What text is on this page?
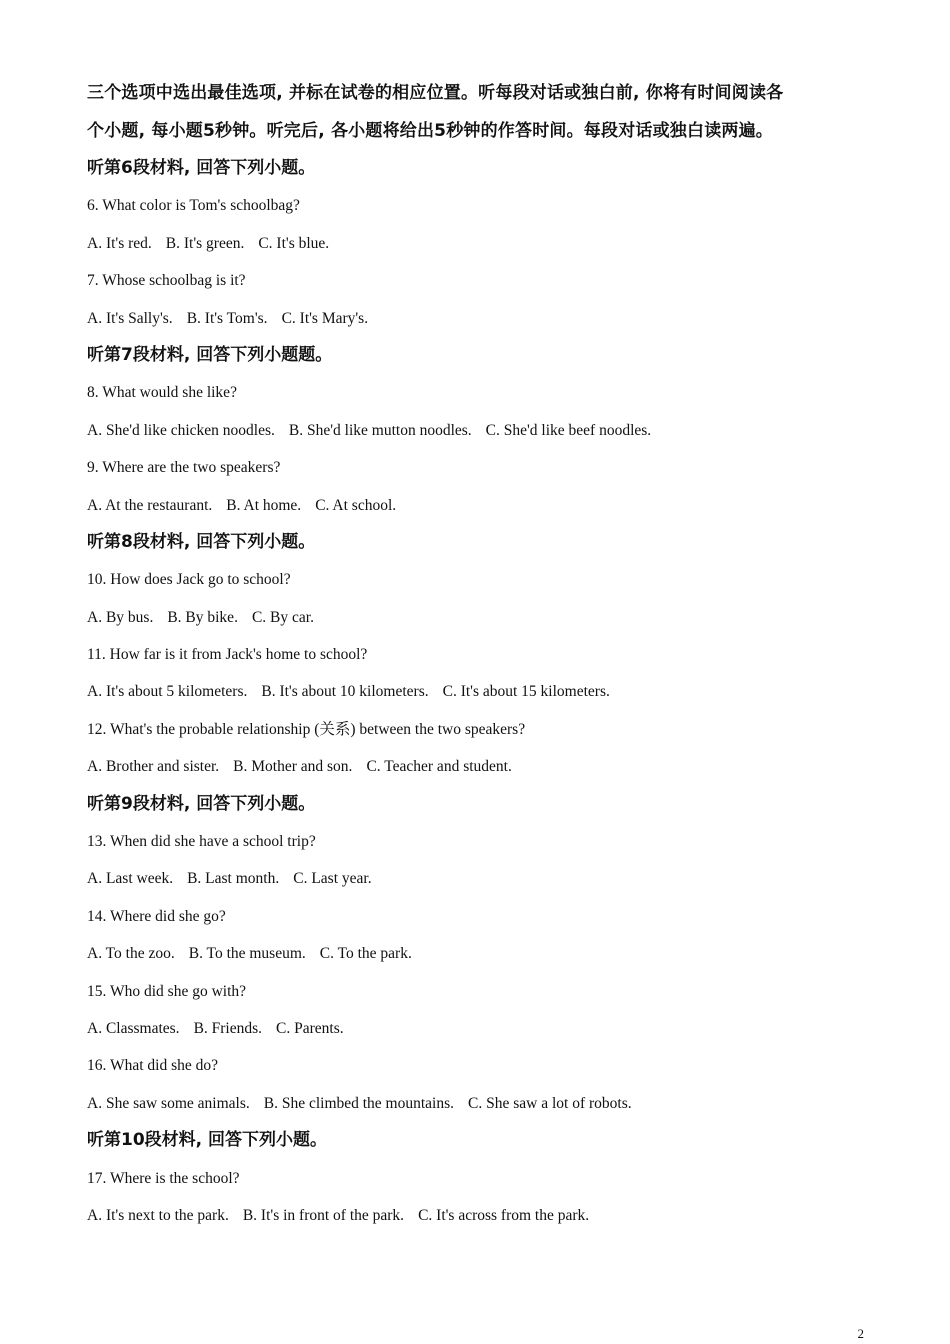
三个选项中选出最佳选项, 并标在试卷的相应位置。听每段对话或独白前, 你将有时间阅读各
个小题, 每小题5秒钟。听完后, 各小题将给出5秒钟的作答时间。每段对话或独白读两遍。
听第6段材料, 回答下列小题。
6. What color is Tom's schoolbag?
A. It's red. B. It's green. C. It's blue.
7. Whose schoolbag is it?
A. It's Sally's. B. It's Tom's. C. It's Mary's.
听第7段材料, 回答下列小题题。
8. What would she like?
A. She'd like chicken noodles. B. She'd like mutton noodles. C. She'd like beef noodles.
9. Where are the two speakers?
A. At the restaurant. B. At home. C. At school.
听第8段材料, 回答下列小题。
10. How does Jack go to school?
A. By bus. B. By bike. C. By car.
11. How far is it from Jack's home to school?
A. It's about 5 kilometers. B. It's about 10 kilometers. C. It's about 15 kilometers.
12. What's the probable relationship (关系) between the two speakers?
A. Brother and sister. B. Mother and son. C. Teacher and student.
听第9段材料, 回答下列小题。
13. When did she have a school trip?
A. Last week. B. Last month. C. Last year.
14. Where did she go?
A. To the zoo. B. To the museum. C. To the park.
15. Who did she go with?
A. Classmates. B. Friends. C. Parents.
16. What did she do?
A. She saw some animals. B. She climbed the mountains. C. She saw a lot of robots.
听第10段材料, 回答下列小题。
17. Where is the school?
A. It's next to the park. B. It's in front of the park. C. It's across from the park.
2
